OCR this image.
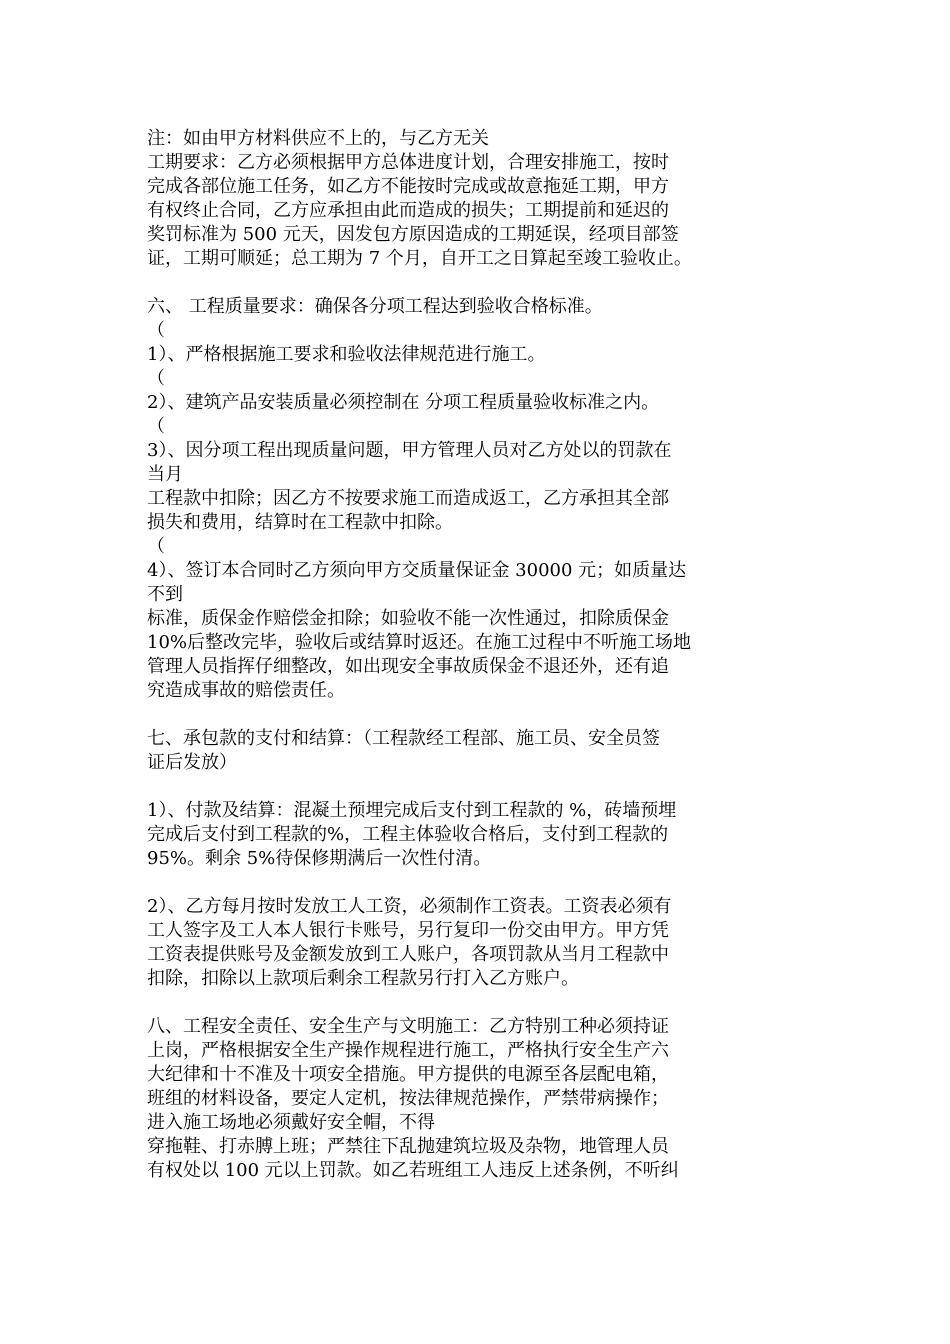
注：如由甲方材料供应不上的，与乙方无关
工期要求：乙方必须根据甲方总体进度计划，合理安排施工，按时
完成各部位施工任务，如乙方不能按时完成或故意拖延工期，甲方
有权终止合同，乙方应承担由此而造成的损失；工期提前和延迟的
奖罚标准为 500 元天，因发包方原因造成的工期延误，经项目部签
证，工期可顺延；总工期为 7 个月，自开工之日算起至竣工验收止。
六、 工程质量要求：确保各分项工程达到验收合格标准。
（
1）、严格根据施工要求和验收法律规范进行施工。
（
2）、建筑产品安装质量必须控制在 分项工程质量验收标准之内。
（
3）、因分项工程出现质量问题，甲方管理人员对乙方处以的罚款在
当月
工程款中扣除；因乙方不按要求施工而造成返工，乙方承担其全部
损失和费用，结算时在工程款中扣除。
（
4）、签订本合同时乙方须向甲方交质量保证金 30000 元；如质量达
不到
标准，质保金作赔偿金扣除；如验收不能一次性通过，扣除质保金
10%后整改完毕，验收后或结算时返还。在施工过程中不听施工场地
管理人员指挥仔细整改，如出现安全事故质保金不退还外，还有追
究造成事故的赔偿责任。
七、承包款的支付和结算：（工程款经工程部、施工员、安全员签
证后发放）
1）、付款及结算：混凝土预埋完成后支付到工程款的 %，砖墙预埋
完成后支付到工程款的%，工程主体验收合格后，支付到工程款的
95%。剩余 5%待保修期满后一次性付清。
2）、乙方每月按时发放工人工资，必须制作工资表。工资表必须有
工人签字及工人本人银行卡账号，另行复印一份交由甲方。甲方凭
工资表提供账号及金额发放到工人账户，各项罚款从当月工程款中
扣除，扣除以上款项后剩余工程款另行打入乙方账户。
八、工程安全责任、安全生产与文明施工：乙方特别工种必须持证
上岗，严格根据安全生产操作规程进行施工，严格执行安全生产六
大纪律和十不准及十项安全措施。甲方提供的电源至各层配电箱，
班组的材料设备，要定人定机，按法律规范操作，严禁带病操作；
进入施工场地必须戴好安全帽，不得
穿拖鞋、打赤膊上班；严禁往下乱抛建筑垃圾及杂物，地管理人员
有权处以 100 元以上罚款。如乙若班组工人违反上述条例，不听纠
